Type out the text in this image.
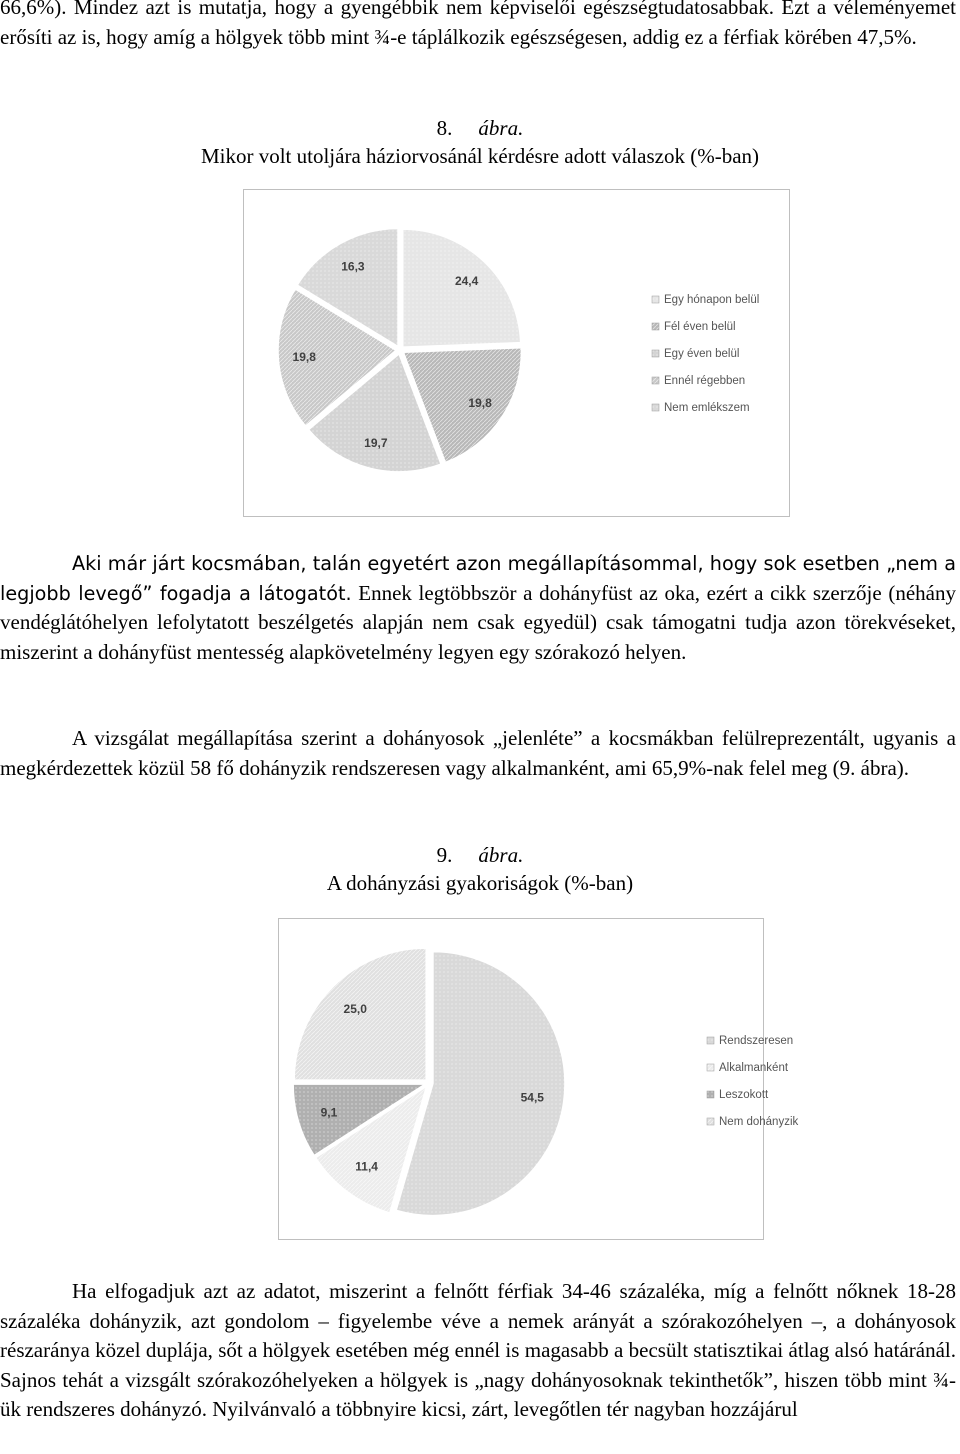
66,6%). Mindez azt is mutatja, hogy a gyengébbik nem képviselői egészségtudatosabbak. Ezt a véleményemet erősíti az is, hogy amíg a hölgyek több mint ¾-e táplálkozik egészségesen, addig ez a férfiak körében 47,5%.

8. ábra.
Mikor volt utoljára háziorvosánál kérdésre adott válaszok (%-ban)
24,4
19,8
19,7
19,8
16,3
Egy hónapon belül
Fél éven belül
Egy éven belül
Ennél régebben
Nem emlékszem

Aki már járt kocsmában, talán egyetért azon megállapításommal, hogy sok esetben „nem a legjobb levegő” fogadja a látogatót. Ennek legtöbbször a dohányfüst az oka, ezért a cikk szerzője (néhány vendéglátóhelyen lefolytatott beszélgetés alapján nem csak egyedül) csak támogatni tudja azon törekvéseket, miszerint a dohányfüst mentesség alapkövetelmény legyen egy szórakozó helyen.

A vizsgálat megállapítása szerint a dohányosok „jelenléte” a kocsmákban felülreprezentált, ugyanis a megkérdezettek közül 58 fő dohányzik rendszeresen vagy alkalmanként, ami 65,9%-nak felel meg (9. ábra).

9. ábra.
A dohányzási gyakoriságok (%-ban)
54,5
11,4
9,1
25,0
Rendszeresen
Alkalmanként
Leszokott
Nem dohányzik

Ha elfogadjuk azt az adatot, miszerint a felnőtt férfiak 34-46 százaléka, míg a felnőtt nőknek 18-28 százaléka dohányzik, azt gondolom – figyelembe véve a nemek arányát a szórakozóhelyen –, a dohányosok részaránya közel duplája, sőt a hölgyek esetében még ennél is magasabb a becsült statisztikai átlag alsó határánál. Sajnos tehát a vizsgált szórakozóhelyeken a hölgyek is „nagy dohányosoknak tekinthetők”, hiszen több mint ¾-ük rendszeres dohányzó. Nyilvánvaló a többnyire kicsi, zárt, levegőtlen tér nagyban hozzájárul
